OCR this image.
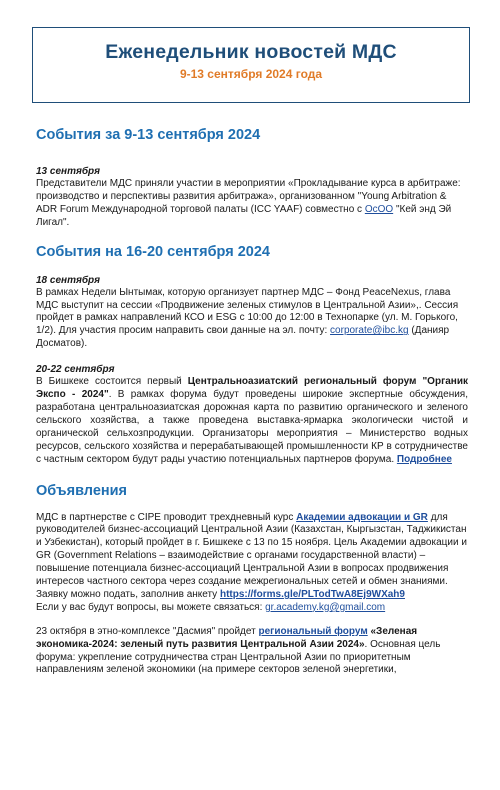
Еженедельник новостей МДС
9-13 сентября 2024 года
События за 9-13 сентября 2024
13 сентября

Представители МДС приняли участии в мероприятии «Прокладывание курса в арбитраже: производство и перспективы развития арбитража», организованном "Young Arbitration & ADR Forum Международной торговой палаты (ICC YAAF) совместно с ОсОО "Кей энд Эй Лигал".

События на 16-20 сентября 2024
18 сентября

В рамках Недели Ынтымак, которую организует партнер МДС – Фонд PeaceNexus, глава МДС выступит на сессии «Продвижение зеленых стимулов в Центральной Азии»,. Сессия пройдет в рамках направлений КСО и ESG с 10:00 до 12:00 в Технопарке (ул. М. Горького, 1/2). Для участия просим направить свои данные на эл. почту: corporate@ibc.kg (Данияр Досматов).

20-22 сентября

В Бишкеке состоится первый Центральноазиатский региональный форум "Органик Экспо - 2024". В рамках форума будут проведены широкие экспертные обсуждения, разработана центральноазиатская дорожная карта по развитию органического и зеленого сельского хозяйства, а также проведена выставка-ярмарка экологически чистой и органической сельхозпродукции. Организаторы мероприятия – Министерство водных ресурсов, сельского хозяйства и перерабатывающей промышленности КР в сотрудничестве с частным сектором будут рады участию потенциальных партнеров форума. Подробнее

Объявления

МДС в партнерстве с CIPE проводит трехдневный курс Академии адвокации и GR для руководителей бизнес-ассоциаций Центральной Азии (Казахстан, Кыргызстан, Таджикистан и Узбекистан), который пройдет в г. Бишкеке с 13 по 15 ноября. Цель Академии адвокации и GR (Government Relations – взаимодействие с органами государственной власти) – повышение потенциала бизнес-ассоциаций Центральной Азии в вопросах продвижения интересов частного сектора через создание межрегиональных сетей и обмен знаниями.

Заявку можно подать, заполнив анкету https://forms.gle/PLTodTwA8Ej9WXah9

Если у вас будут вопросы, вы можете связаться: gr.academy.kg@gmail.com

23 октября в этно-комплексе "Дасмия" пройдет региональный форум «Зеленая экономика-2024: зеленый путь развития Центральной Азии 2024». Основная цель форума: укрепление сотрудничества стран Центральной Азии по приоритетным направлениям зеленой экономики (на примере секторов зеленой энергетики,
